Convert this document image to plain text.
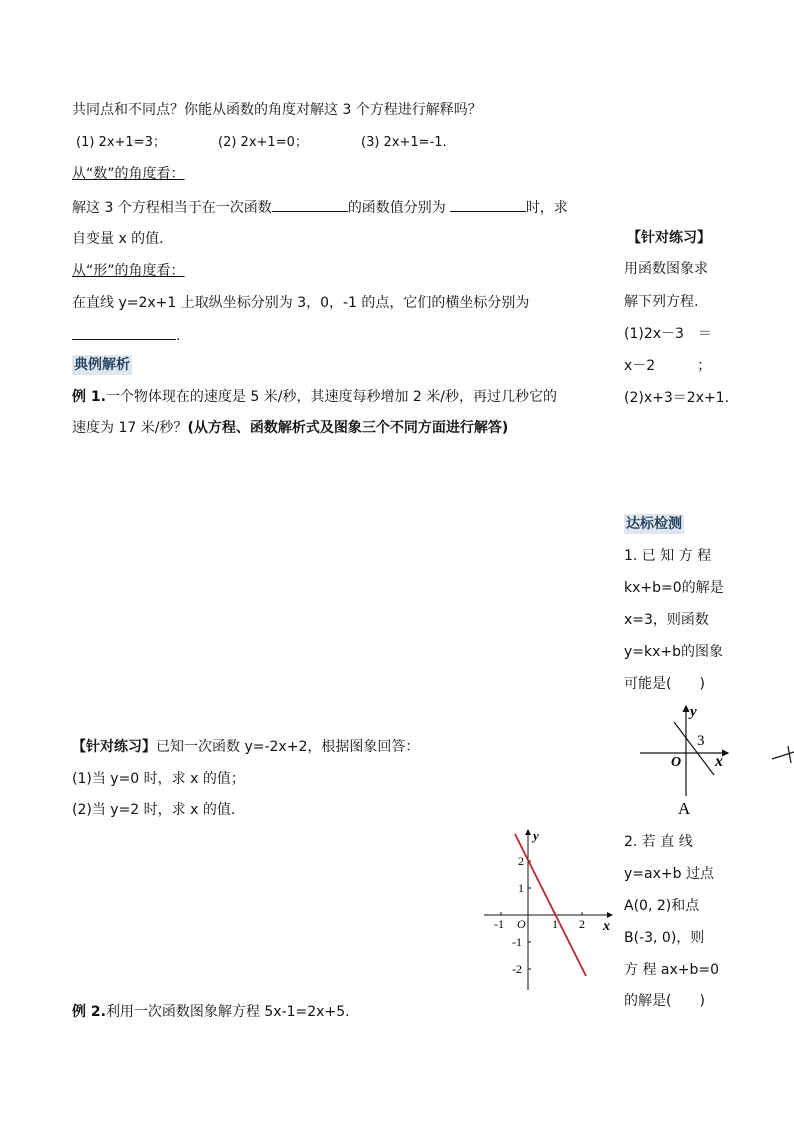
共同点和不同点？你能从函数的角度对解这 3 个方程进行解释吗？
(1) 2x+1=3；	(2) 2x+1=0；	(3) 2x+1=-1.
从“数”的角度看：
解这 3 个方程相当于在一次函数	的函数值分别为	时，求
自变量 x 的值.
从“形”的角度看：
在直线 y=2x+1 上取纵坐标分别为 3，0，-1 的点，它们的横坐标分别为
.
典例解析
例 1.一个物体现在的速度是 5 米/秒，其速度每秒增加 2 米/秒，再过几秒它的
速度为 17 米/秒？(从方程、函数解析式及图象三个不同方面进行解答)
【针对练习】已知一次函数 y=-2x+2，根据图象回答：
(1)当 y=0 时，求 x 的值；
(2)当 y=2 时，求 x 的值.
例 2.利用一次函数图象解方程 5x-1=2x+5.
【针对练习】
用函数图象求
解下列方程.
(1)2x－3　＝
x－2　　　；
(2)x+3＝2x+1.
达标检测
1. 已 知 方 程
kx+b=0的解是
x=3，则函数
y=kx+b的图象
可能是(　　)
2. 若 直 线
y=ax+b 过点
A(0, 2)和点
B(-3, 0)，则
方 程 ax+b=0
的解是(　　)
y
3
O x
A
y
x
O
-1	1 2
2
1
-1
-2
